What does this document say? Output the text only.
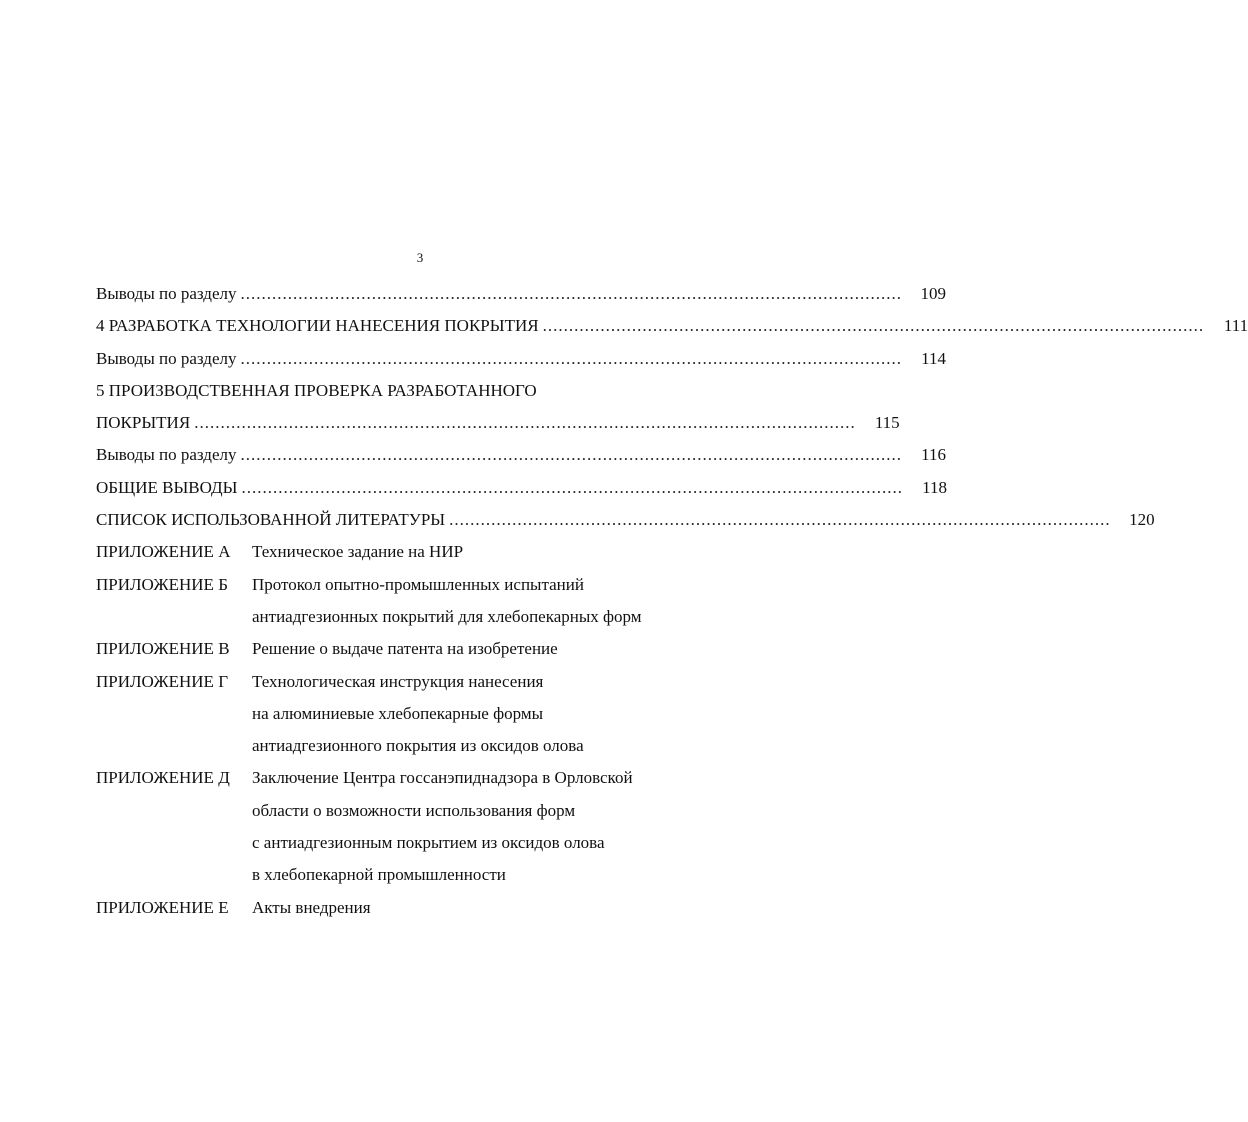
3
Выводы по разделу ..............................................................................................................................	109
4 РАЗРАБОТКА ТЕХНОЛОГИИ НАНЕСЕНИЯ ПОКРЫТИЯ ..............................................................................................................................	111
Выводы по разделу ..............................................................................................................................	114
5 ПРОИЗВОДСТВЕННАЯ ПРОВЕРКА РАЗРАБОТАННОГО
ПОКРЫТИЯ ..............................................................................................................................	115
Выводы по разделу ..............................................................................................................................	116
ОБЩИЕ ВЫВОДЫ ..............................................................................................................................	118
СПИСОК ИСПОЛЬЗОВАННОЙ ЛИТЕРАТУРЫ ..............................................................................................................................	120
ПРИЛОЖЕНИЕ А Техническое задание на НИР
ПРИЛОЖЕНИЕ Б Протокол опытно-промышленных испытаний
антиадгезионных покрытий для хлебопекарных форм
ПРИЛОЖЕНИЕ В Решение о выдаче патента на изобретение
ПРИЛОЖЕНИЕ Г Технологическая инструкция нанесения
на алюминиевые хлебопекарные формы
антиадгезионного покрытия из оксидов олова
ПРИЛОЖЕНИЕ Д Заключение Центра госсанэпиднадзора в Орловской
области о возможности использования форм
с антиадгезионным покрытием из оксидов олова
в хлебопекарной промышленности
ПРИЛОЖЕНИЕ Е Акты внедрения
